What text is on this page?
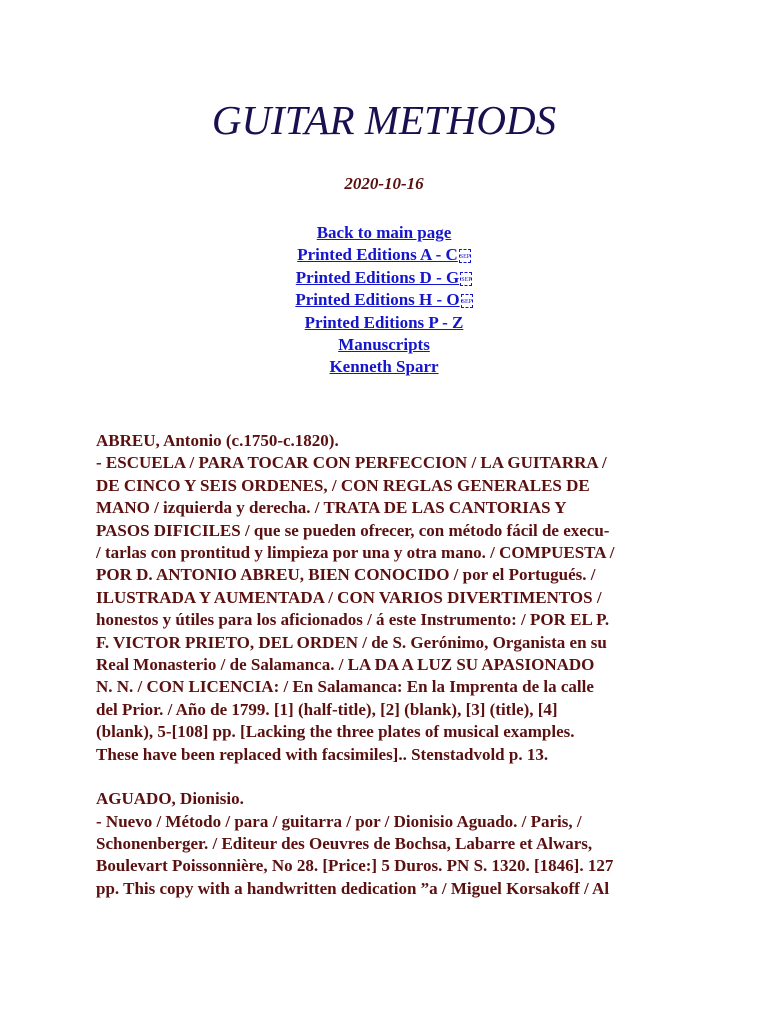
GUITAR METHODS
2020-10-16
Back to main page
Printed Editions A - C SEP
Printed Editions D - G SEP
Printed Editions H - O SEP
Printed Editions P - Z
Manuscripts
Kenneth Sparr

ABREU, Antonio (c.1750-c.1820).

- ESCUELA / PARA TOCAR CON PERFECCION / LA GUITARRA /

DE CINCO Y SEIS ORDENES, / CON REGLAS GENERALES DE

MANO / izquierda y derecha. / TRATA DE LAS CANTORIAS Y

PASOS DIFICILES / que se pueden ofrecer, con método fácil de execu-

/ tarlas con prontitud y limpieza por una y otra mano. / COMPUESTA /

POR D. ANTONIO ABREU, BIEN CONOCIDO / por el Portugués. /

ILUSTRADA Y AUMENTADA / CON VARIOS DIVERTIMENTOS /

honestos y útiles para los aficionados / á este Instrumento: / POR EL P.

F. VICTOR PRIETO, DEL ORDEN / de S. Gerónimo, Organista en su

Real Monasterio / de Salamanca. / LA DA A LUZ SU APASIONADO

N. N. / CON LICENCIA: / En Salamanca: En la Imprenta de la calle

del Prior. / Año de 1799. [1] (half-title), [2] (blank), [3] (title), [4]

(blank), 5-[108] pp. [Lacking the three plates of musical examples.

These have been replaced with facsimiles].. Stenstadvold p. 13.

AGUADO, Dionisio.

- Nuevo / Método / para / guitarra / por / Dionisio Aguado. / Paris, /

Schonenberger. / Editeur des Oeuvres de Bochsa, Labarre et Alwars,

Boulevart Poissonnière, No 28. [Price:] 5 Duros. PN S. 1320. [1846]. 127

pp. This copy with a handwritten dedication ”a / Miguel Korsakoff / Al
